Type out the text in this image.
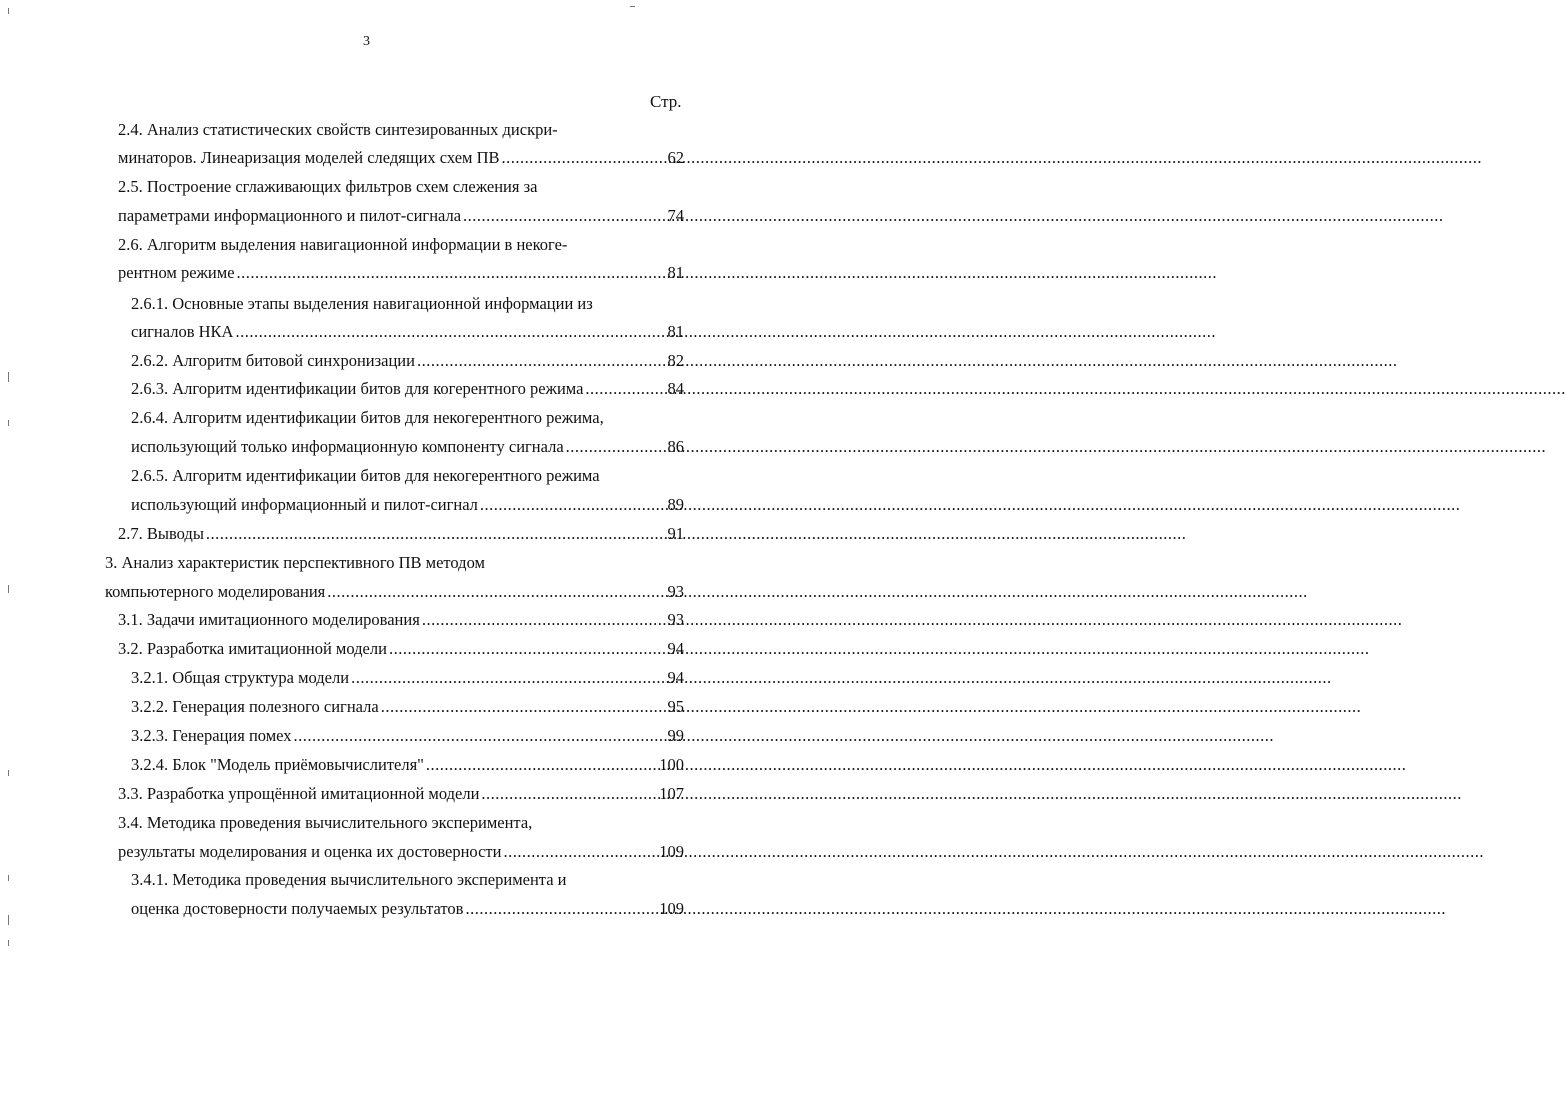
3
Стр.
2.4. Анализ статистических свойств синтезированных дискри-
минаторов. Линеаризация моделей следящих схем ПВ .....	62
2.5. Построение сглаживающих фильтров схем слежения за
параметрами информационного и пилот-сигнала .....	74
2.6. Алгоритм выделения навигационной информации в некоге-
рентном режиме .....	81
2.6.1. Основные этапы выделения навигационной информации из
сигналов НКА .....	81
2.6.2. Алгоритм битовой синхронизации .....	82
2.6.3. Алгоритм идентификации битов для когерентного режима .....	84
2.6.4. Алгоритм идентификации битов для некогерентного режима,
использующий только информационную компоненту сигнала .....	86
2.6.5. Алгоритм идентификации битов для некогерентного режима
использующий информационный и пилот-сигнал .....	89
2.7. Выводы .....	91
3. Анализ характеристик перспективного ПВ методом
компьютерного моделирования .....	93
3.1. Задачи имитационного моделирования .....	93
3.2. Разработка имитационной модели .....	94
3.2.1. Общая структура модели .....	94
3.2.2. Генерация полезного сигнала .....	95
3.2.3. Генерация помех .....	99
3.2.4. Блок "Модель приёмовычислителя" .....	100
3.3. Разработка упрощённой имитационной модели .....	107
3.4. Методика проведения вычислительного эксперимента,
результаты моделирования и оценка их достоверности .....	109
3.4.1. Методика проведения вычислительного эксперимента и
оценка достоверности получаемых результатов .....	109
